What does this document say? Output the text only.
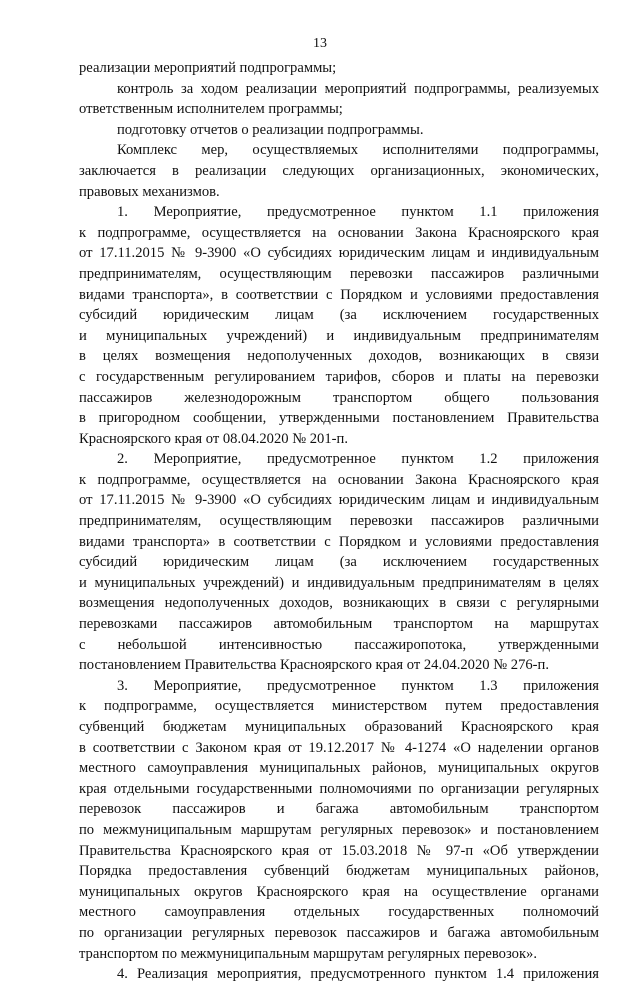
13
реализации мероприятий подпрограммы;
контроль за ходом реализации мероприятий подпрограммы, реализуемых
ответственным исполнителем программы;
подготовку отчетов о реализации подпрограммы.
Комплекс мер, осуществляемых исполнителями подпрограммы,
заключается в реализации следующих организационных, экономических,
правовых механизмов.
1. Мероприятие, предусмотренное пунктом 1.1 приложения
к подпрограмме, осуществляется на основании Закона Красноярского края
от 17.11.2015 № 9-3900 «О субсидиях юридическим лицам и индивидуальным
предпринимателям, осуществляющим перевозки пассажиров различными
видами транспорта», в соответствии с Порядком и условиями предоставления
субсидий юридическим лицам (за исключением государственных
и муниципальных учреждений) и индивидуальным предпринимателям
в целях возмещения недополученных доходов, возникающих в связи
с государственным регулированием тарифов, сборов и платы на перевозки
пассажиров железнодорожным транспортом общего пользования
в пригородном сообщении, утвержденными постановлением Правительства
Красноярского края от 08.04.2020 № 201-п.
2. Мероприятие, предусмотренное пунктом 1.2 приложения
к подпрограмме, осуществляется на основании Закона Красноярского края
от 17.11.2015 № 9-3900 «О субсидиях юридическим лицам и индивидуальным
предпринимателям, осуществляющим перевозки пассажиров различными
видами транспорта» в соответствии с Порядком и условиями предоставления
субсидий юридическим лицам (за исключением государственных
и муниципальных учреждений) и индивидуальным предпринимателям в целях
возмещения недополученных доходов, возникающих в связи с регулярными
перевозками пассажиров автомобильным транспортом на маршрутах
с небольшой интенсивностью пассажиропотока, утвержденными
постановлением Правительства Красноярского края от 24.04.2020 № 276-п.
3. Мероприятие, предусмотренное пунктом 1.3 приложения
к подпрограмме, осуществляется министерством путем предоставления
субвенций бюджетам муниципальных образований Красноярского края
в соответствии с Законом края от 19.12.2017 № 4-1274 «О наделении органов
местного самоуправления муниципальных районов, муниципальных округов
края отдельными государственными полномочиями по организации регулярных
перевозок пассажиров и багажа автомобильным транспортом
по межмуниципальным маршрутам регулярных перевозок» и постановлением
Правительства Красноярского края от 15.03.2018 № 97-п «Об утверждении
Порядка предоставления субвенций бюджетам муниципальных районов,
муниципальных округов Красноярского края на осуществление органами
местного самоуправления отдельных государственных полномочий
по организации регулярных перевозок пассажиров и багажа автомобильным
транспортом по межмуниципальным маршрутам регулярных перевозок».
4. Реализация мероприятия, предусмотренного пунктом 1.4 приложения
